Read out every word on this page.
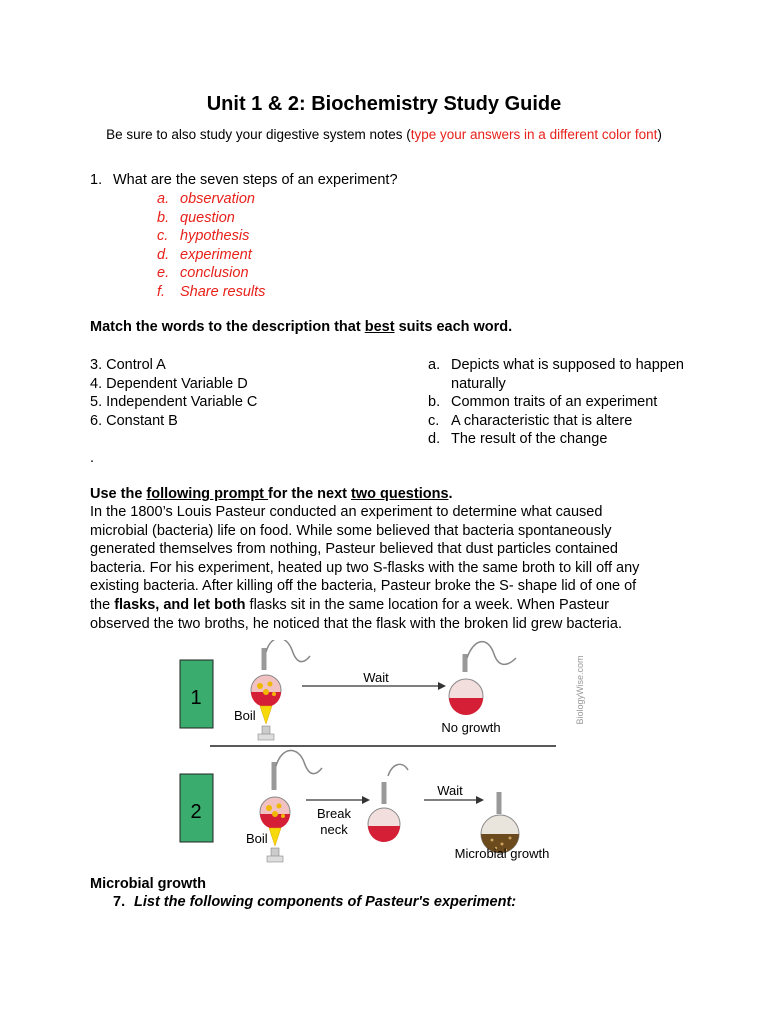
Unit 1 & 2: Biochemistry Study Guide
Be sure to also study your digestive system notes (type your answers in a different color font)
1. What are the seven steps of an experiment?
a. observation
b. question
c. hypothesis
d. experiment
e. conclusion
f. Share results
Match the words to the description that best suits each word.
3. Control A
4. Dependent Variable D
5. Independent Variable C
6. Constant B
a. Depicts what is supposed to happen naturally
b. Common traits of an experiment
c. A characteristic that is altere
d. The result of the change
.
Use the following prompt for the next two questions.
In the 1800’s Louis Pasteur conducted an experiment to determine what caused
microbial (bacteria) life on food. While some believed that bacteria spontaneously
generated themselves from nothing, Pasteur believed that dust particles contained
bacteria. For his experiment, heated up two S-flasks with the same broth to kill off any
existing bacteria. After killing off the bacteria, Pasteur broke the S- shape lid of one of
the flasks, and let both flasks sit in the same location for a week. When Pasteur
observed the two broths, he noticed that the flask with the broken lid grew bacteria.
1
Boil
Wait
No growth
BiologyWise.com
2
Boil
Break
neck
Wait
Microbial growth
Microbial growth
7. List the following components of Pasteur's experiment:
